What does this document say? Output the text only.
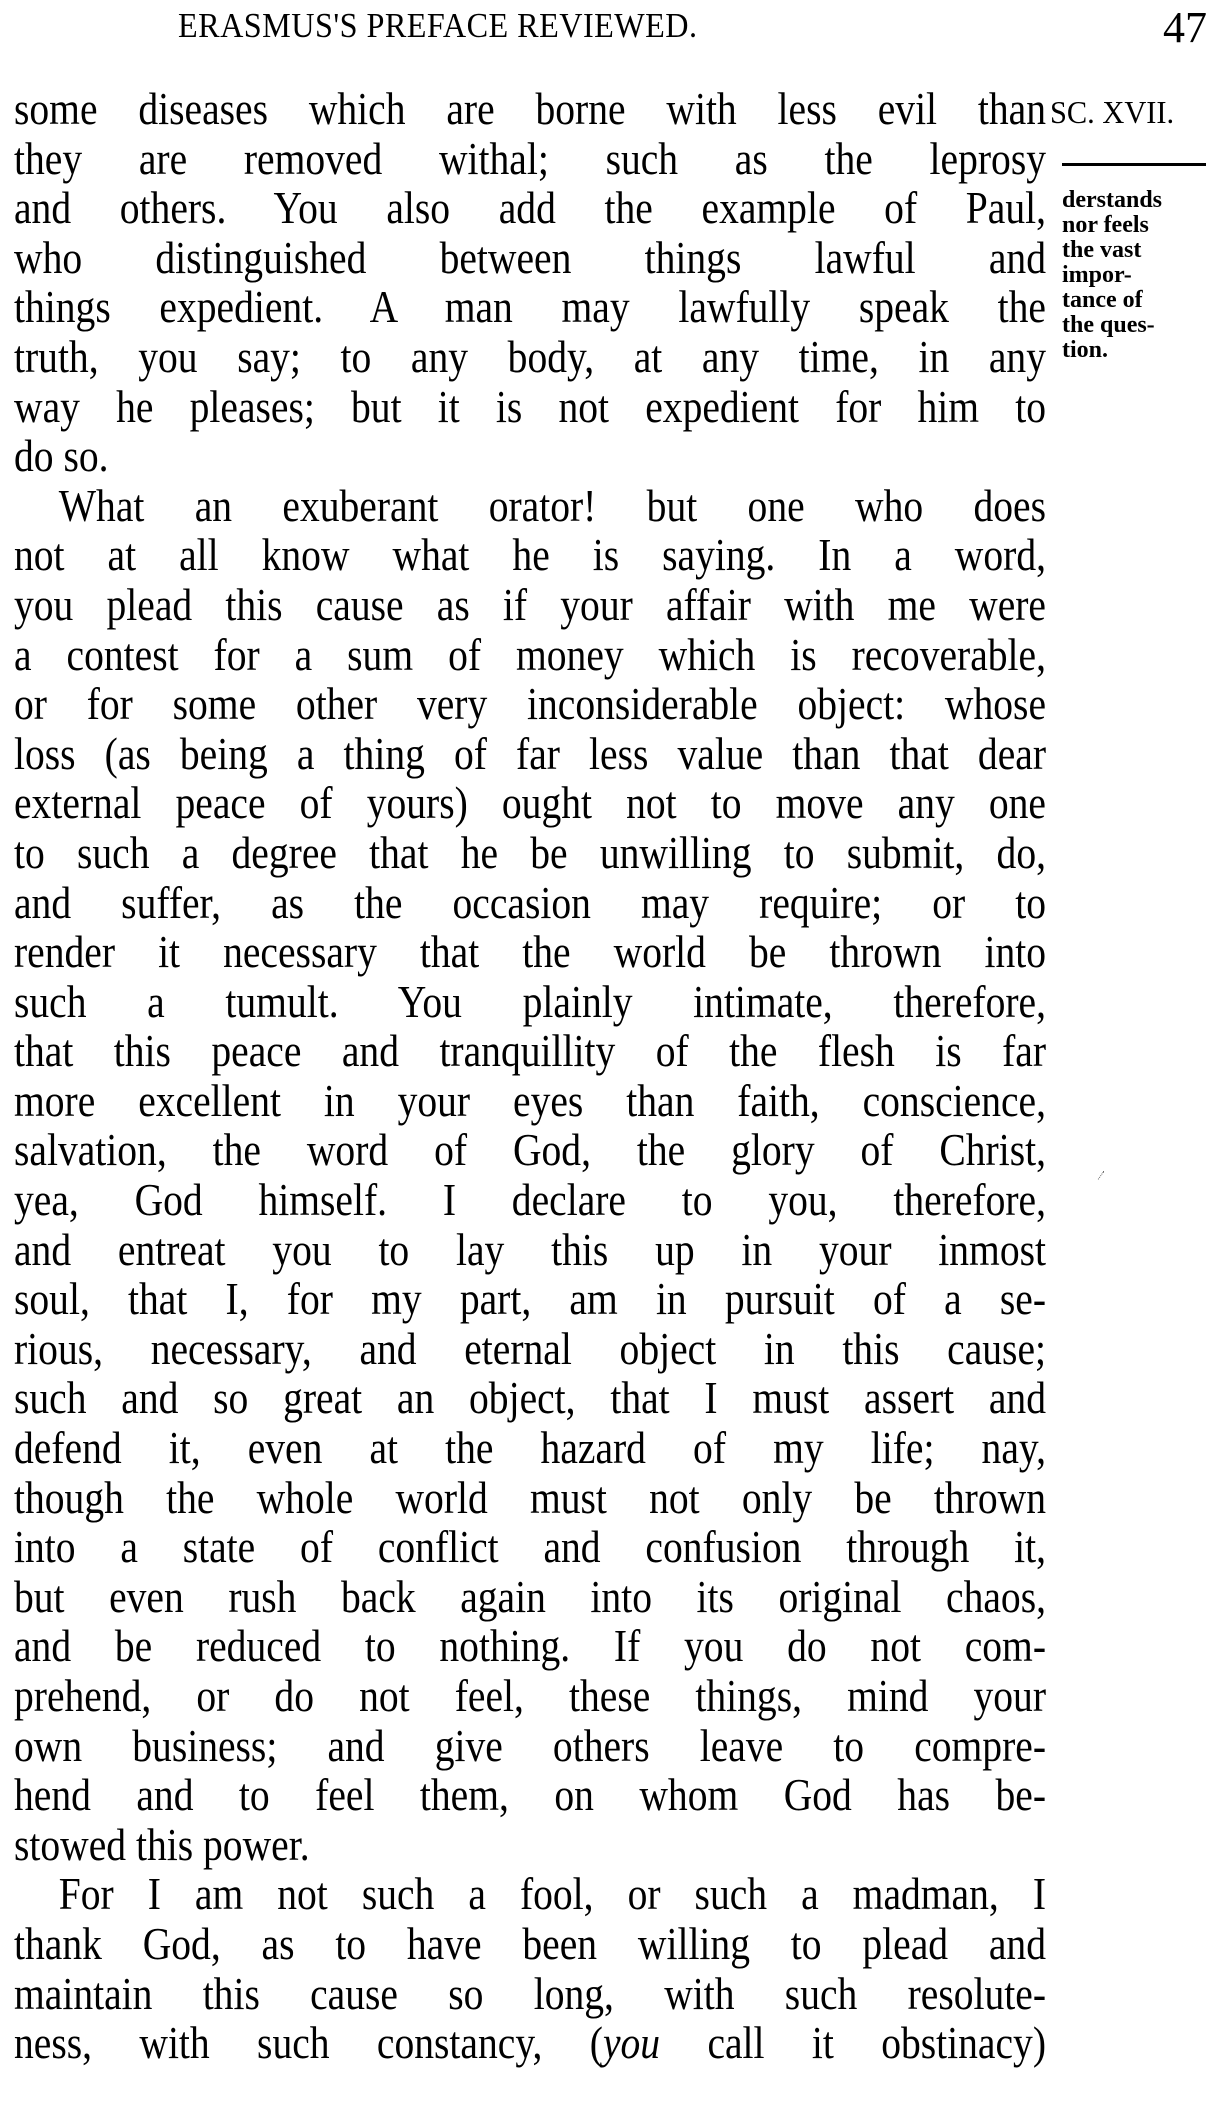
ERASMUS'S PREFACE REVIEWED.	47
SC. XVII.
derstands
nor feels
the vast
impor-
tance of
the ques-
tion.
some diseases which are borne with less evil than
they are removed withal; such as the leprosy
and others. You also add the example of Paul,
who distinguished between things lawful and
things expedient. A man may lawfully speak the
truth, you say; to any body, at any time, in any
way he pleases; but it is not expedient for him to
do so.
What an exuberant orator! but one who does
not at all know what he is saying. In a word,
you plead this cause as if your affair with me were
a contest for a sum of money which is recoverable,
or for some other very inconsiderable object: whose
loss (as being a thing of far less value than that dear
external peace of yours) ought not to move any one
to such a degree that he be unwilling to submit, do,
and suffer, as the occasion may require; or to
render it necessary that the world be thrown into
such a tumult. You plainly intimate, therefore,
that this peace and tranquillity of the flesh is far
more excellent in your eyes than faith, conscience,
salvation, the word of God, the glory of Christ,
yea, God himself. I declare to you, therefore,
and entreat you to lay this up in your inmost
soul, that I, for my part, am in pursuit of a se-
rious, necessary, and eternal object in this cause;
such and so great an object, that I must assert and
defend it, even at the hazard of my life; nay,
though the whole world must not only be thrown
into a state of conflict and confusion through it,
but even rush back again into its original chaos,
and be reduced to nothing. If you do not com-
prehend, or do not feel, these things, mind your
own business; and give others leave to compre-
hend and to feel them, on whom God has be-
stowed this power.
For I am not such a fool, or such a madman, I
thank God, as to have been willing to plead and
maintain this cause so long, with such resolute-
ness, with such constancy, (you call it obstinacy)
